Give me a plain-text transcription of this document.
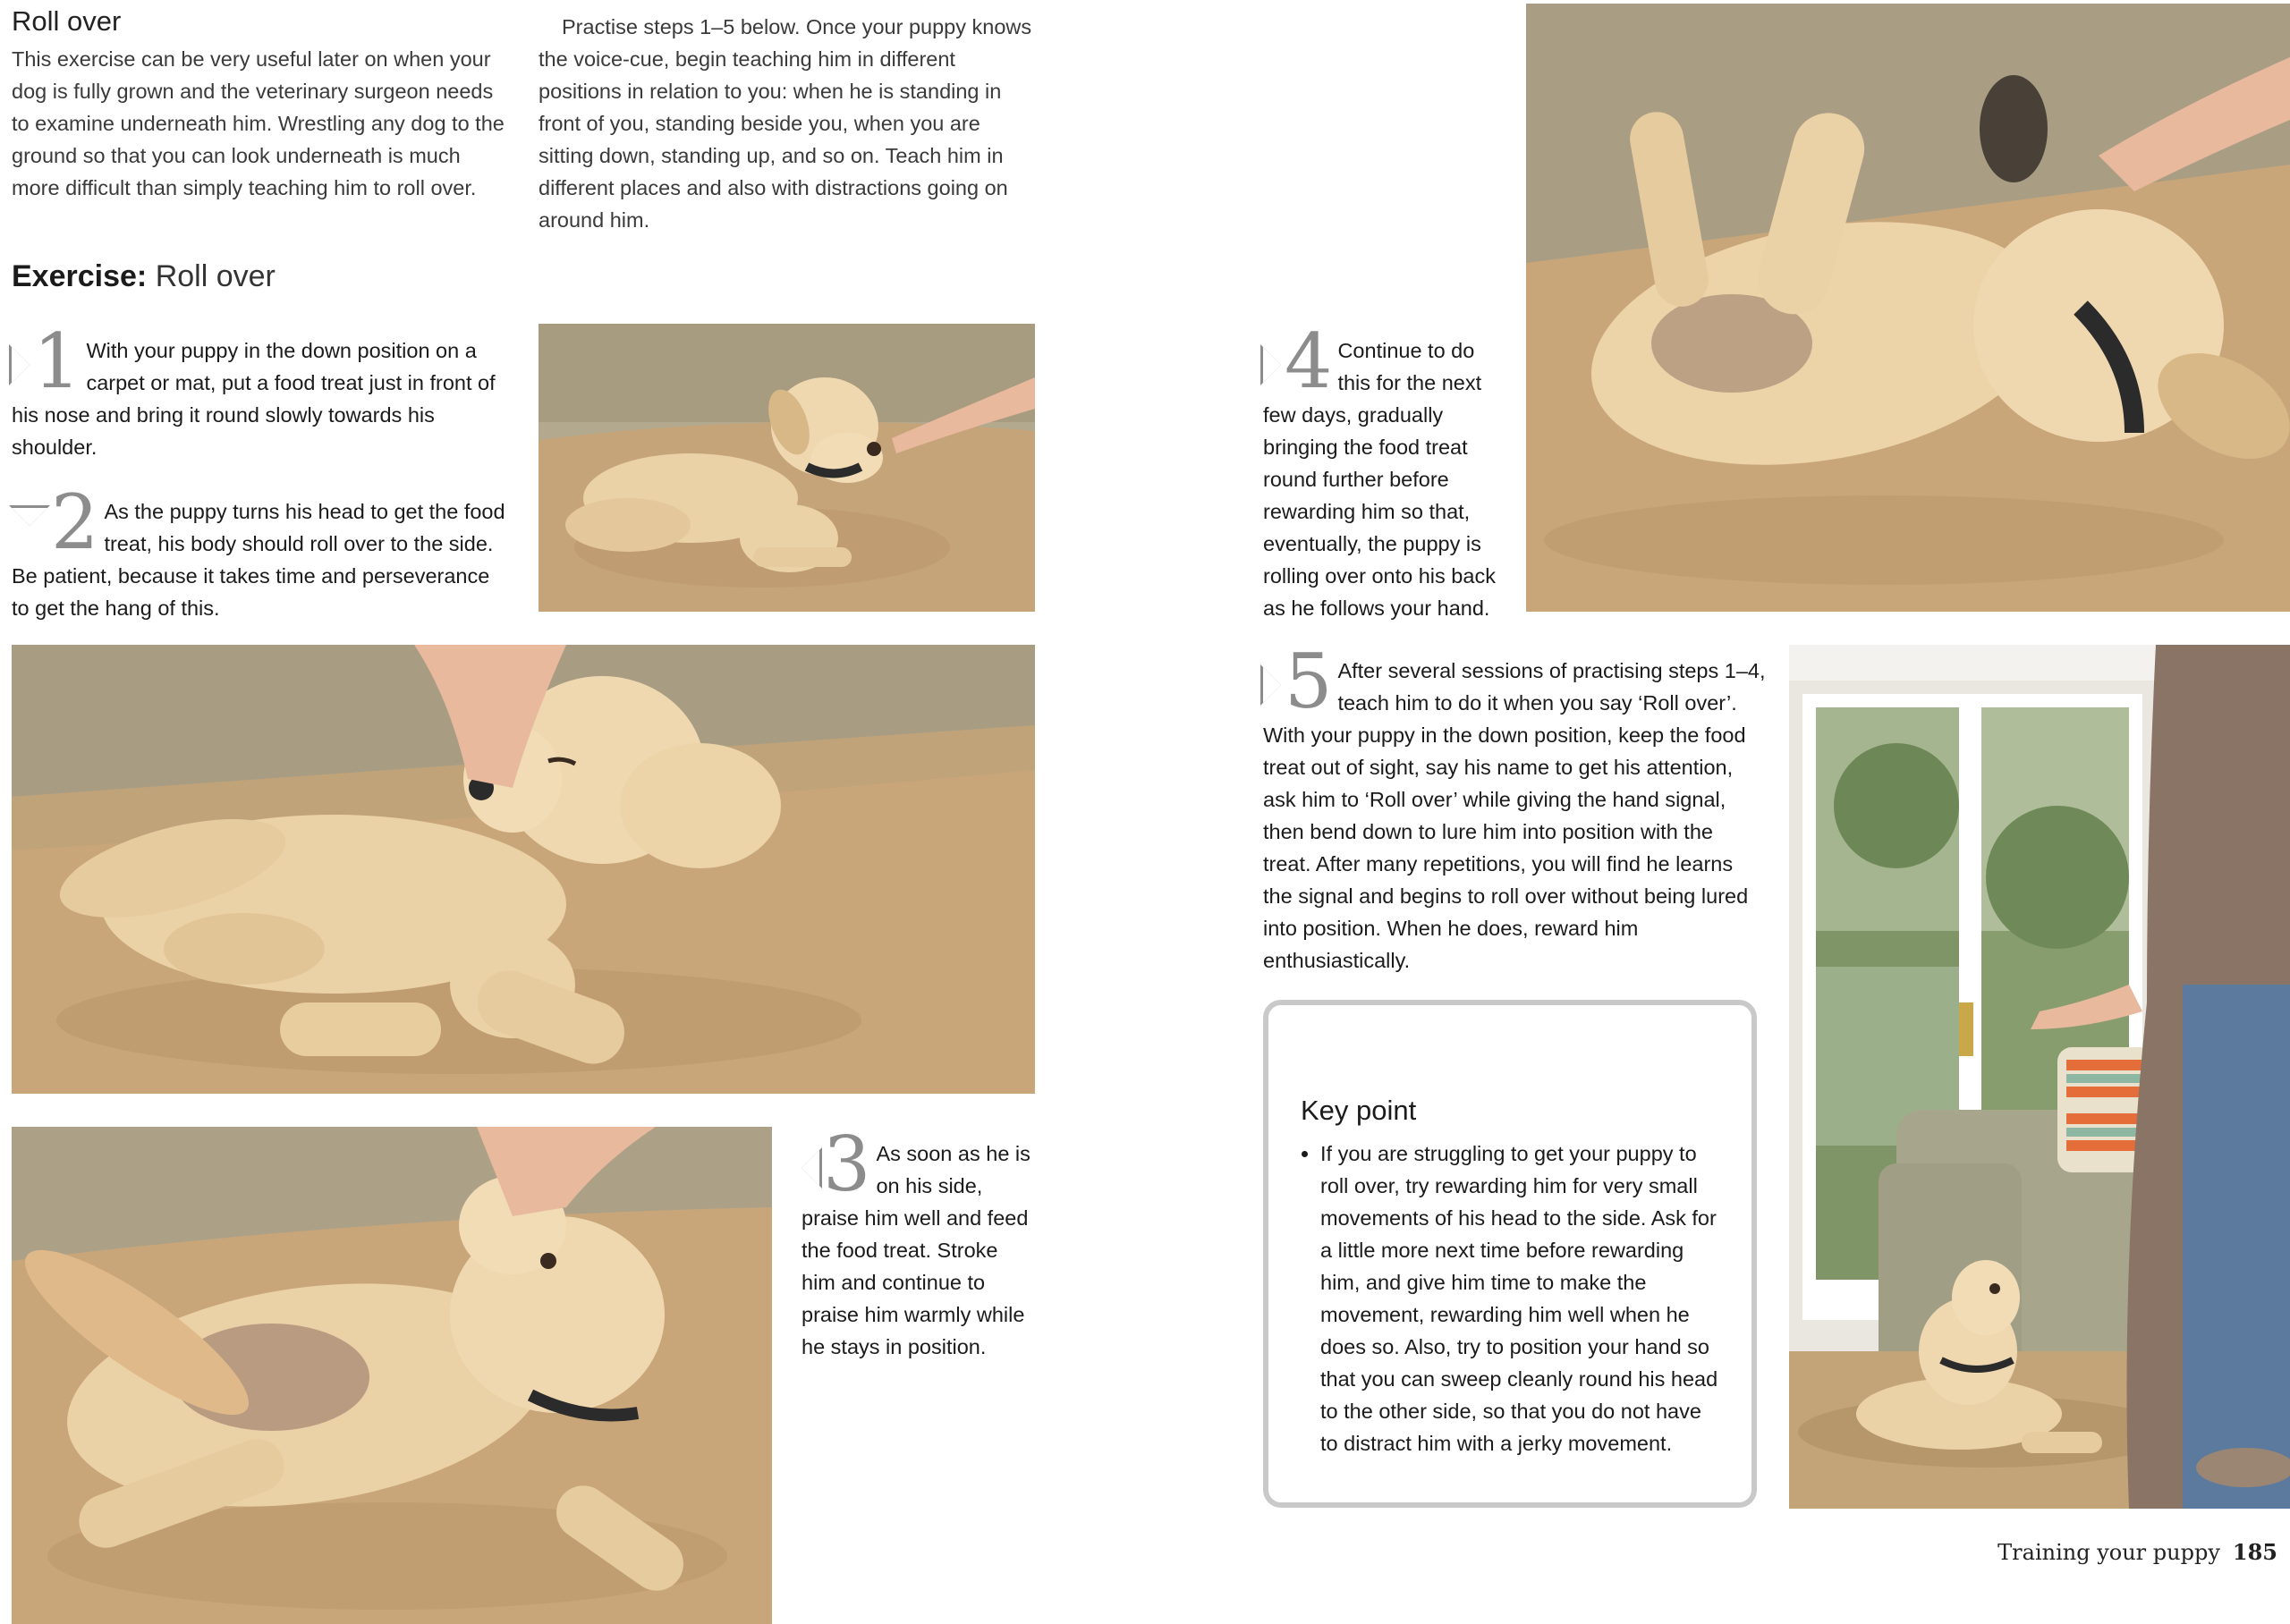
Roll over

This exercise can be very useful later on when your dog is fully grown and the veterinary surgeon needs to examine underneath him. Wrestling any dog to the ground so that you can look underneath is much more difficult than simply teaching him to roll over.

Practise steps 1–5 below. Once your puppy knows the voice-cue, begin teaching him in different positions in relation to you: when he is standing in front of you, standing beside you, when you are sitting down, standing up, and so on. Teach him in different places and also with distractions going on around him.

Exercise: Roll over
1 With your puppy in the down position on a carpet or mat, put a food treat just in front of his nose and bring it round slowly towards his shoulder.

2 As the puppy turns his head to get the food treat, his body should roll over to the side. Be patient, because it takes time and perseverance to get the hang of this.

3 As soon as he is on his side, praise him well and feed the food treat. Stroke him and continue to praise him warmly while he stays in position.

4 Continue to do this for the next few days, gradually bringing the food treat round further before rewarding him so that, eventually, the puppy is rolling over onto his back as he follows your hand.

5 After several sessions of practising steps 1–4, teach him to do it when you say ‘Roll over’. With your puppy in the down position, keep the food treat out of sight, say his name to get his attention, ask him to ‘Roll over’ while giving the hand signal, then bend down to lure him into position with the treat. After many repetitions, you will find he learns the signal and begins to roll over without being lured into position. When he does, reward him enthusiastically.

Key point
• If you are struggling to get your puppy to roll over, try rewarding him for very small movements of his head to the side. Ask for a little more next time before rewarding him, and give him time to make the movement, rewarding him well when he does so. Also, try to position your hand so that you can sweep cleanly round his head to the other side, so that you do not have to distract him with a jerky movement.
Training your puppy 185
